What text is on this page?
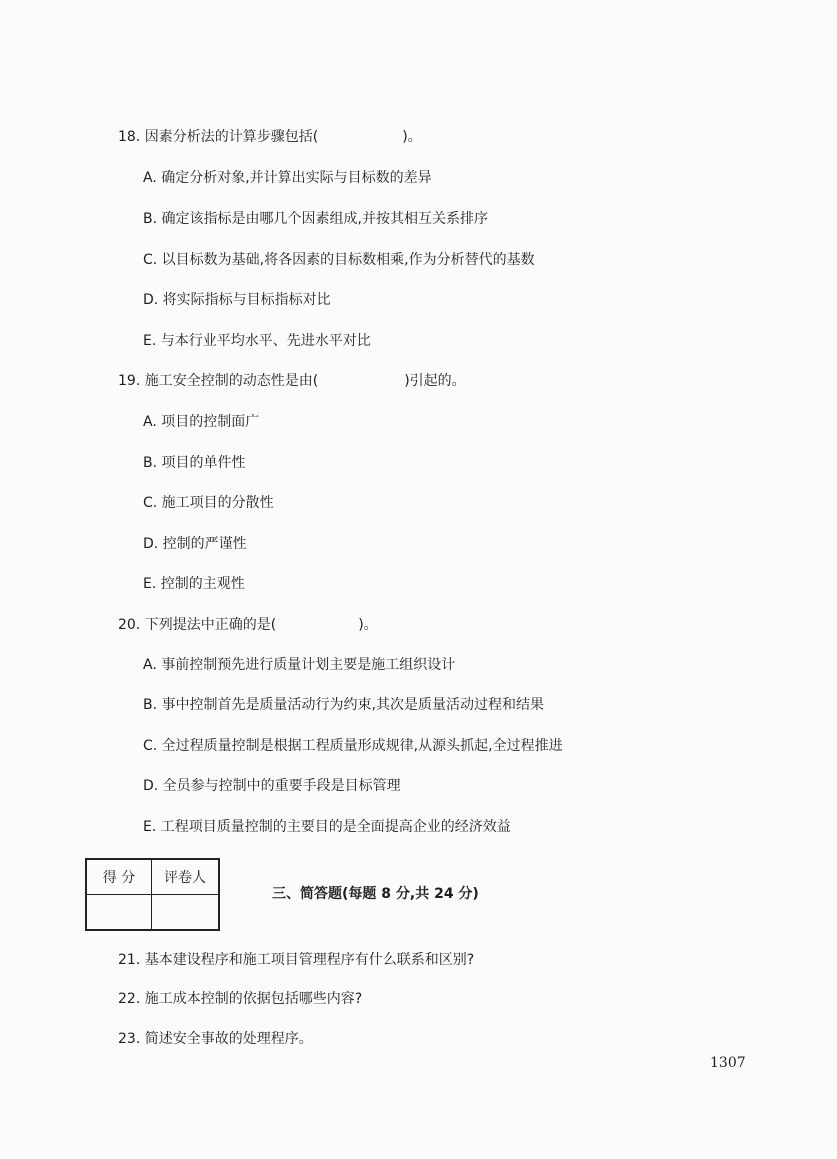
18. 因素分析法的计算步骤包括(	)。
A. 确定分析对象,并计算出实际与目标数的差异
B. 确定该指标是由哪几个因素组成,并按其相互关系排序
C. 以目标数为基础,将各因素的目标数相乘,作为分析替代的基数
D. 将实际指标与目标指标对比
E. 与本行业平均水平、先进水平对比
19. 施工安全控制的动态性是由(	)引起的。
A. 项目的控制面广
B. 项目的单件性
C. 施工项目的分散性
D. 控制的严谨性
E. 控制的主观性
20. 下列提法中正确的是(	)。
A. 事前控制预先进行质量计划主要是施工组织设计
B. 事中控制首先是质量活动行为约束,其次是质量活动过程和结果
C. 全过程质量控制是根据工程质量形成规律,从源头抓起,全过程推进
D. 全员参与控制中的重要手段是目标管理
E. 工程项目质量控制的主要目的是全面提高企业的经济效益
得 分	评卷人

三、简答题(每题 8 分,共 24 分)
21. 基本建设程序和施工项目管理程序有什么联系和区别?
22. 施工成本控制的依据包括哪些内容?
23. 简述安全事故的处理程序。
1307
